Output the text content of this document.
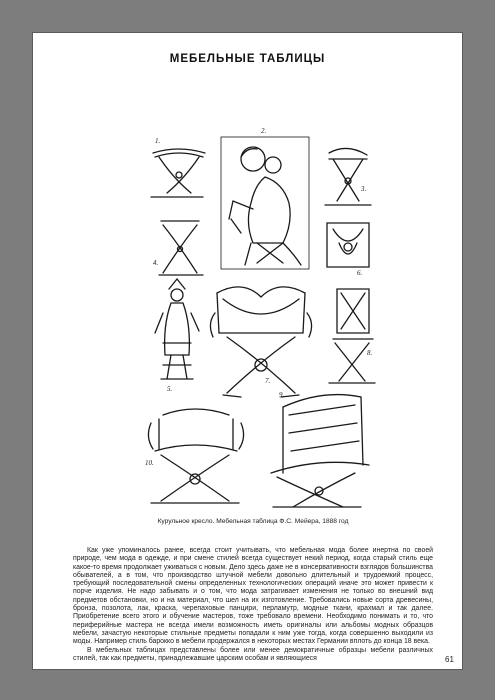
МЕБЕЛЬНЫЕ ТАБЛИЦЫ
1.
2.
3.
4.
5.
6.
7.
8.
9.
10.
Курульное кресло. Мебельная таблица Ф.С. Мейера, 1888 год

Как уже упоминалось ранее, всегда стоит учитывать, что мебельная мода более инертна по своей природе, чем мода в одежде, и при смене стилей всегда существует некий период, когда старый стиль еще какое-то время продолжает уживаться с новым. Дело здесь даже не в консервативности взглядов большинства обывателей, а в том, что производство штучной мебели довольно длительный и трудоемкий процесс, требующий последовательной смены определенных технологических операций иначе это может привести к порче изделия. Не надо забывать и о том, что мода затрагивает изменения не только во внешний вид предметов обстановки, но и на материал, что шел на их изготовление. Требовались новые сорта древесины, бронза, позолота, лак, краска, черепаховые панцири, перламутр, модные ткани, крахмал и так далее. Приобретение всего этого и обучение мастеров, тоже требовало времени. Необходимо понимать и то, что периферийные мастера не всегда имели возможность иметь оригиналы или альбомы модных образцов мебели, зачастую некоторые стильные предметы попадали к ним уже тогда, когда совершенно выходили из моды. Например стиль барокко в мебели продержался в некоторых местах Германии вплоть до конца 18 века.

В мебельных таблицах представлены более или менее демократичные образцы мебели различных стилей, так как предметы, принадлежавшие царским особам и являющиеся	61
